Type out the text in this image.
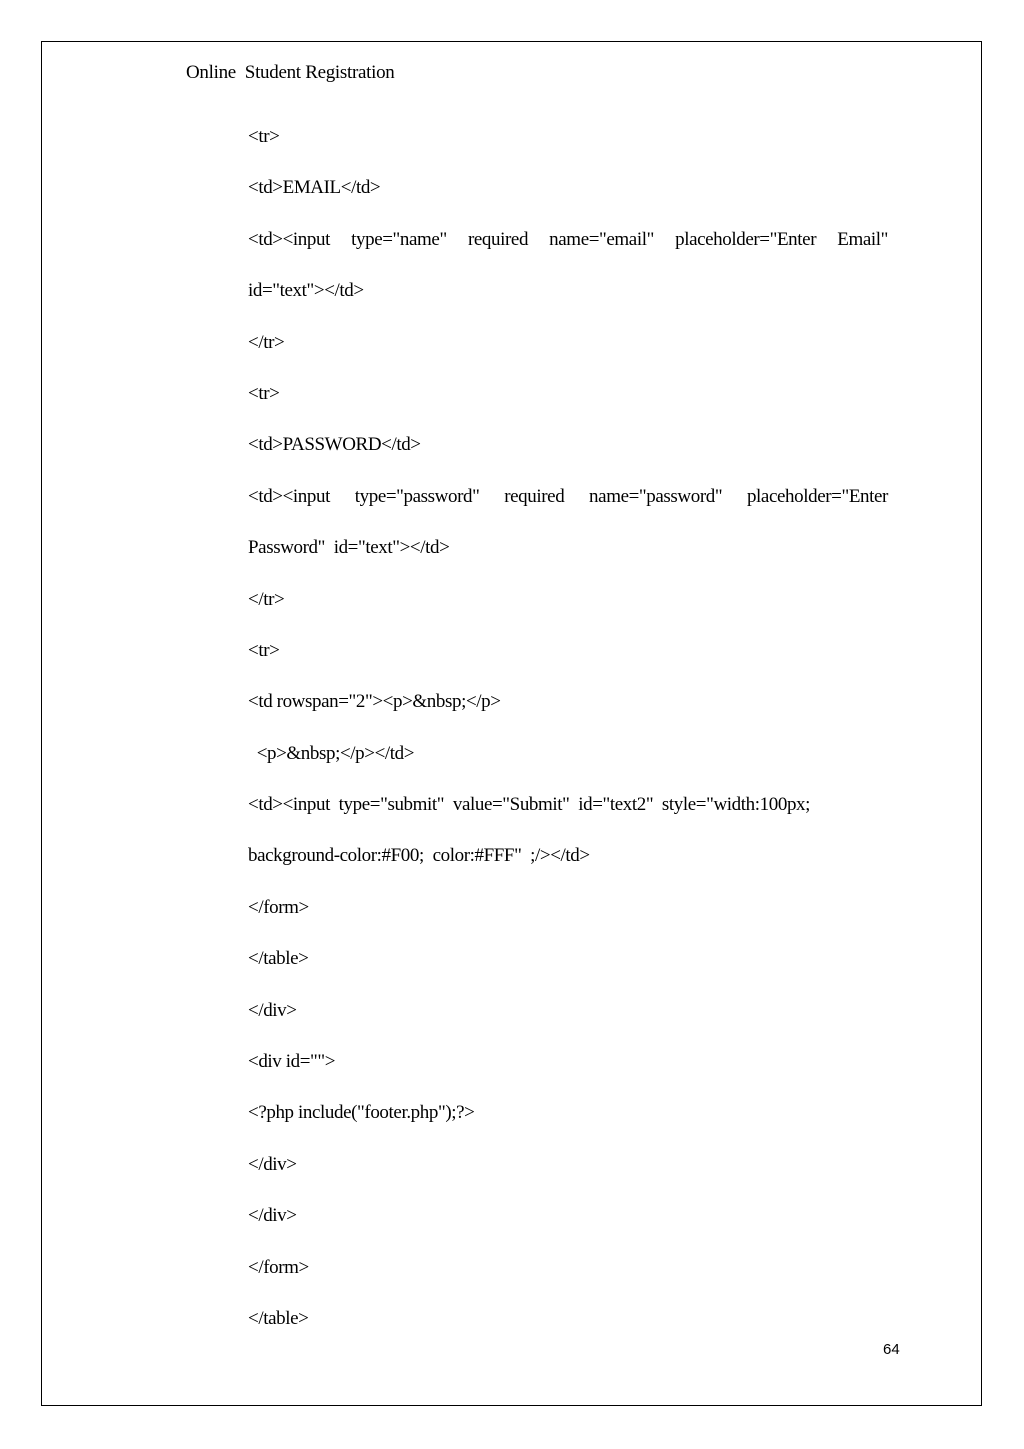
Online  Student Registration
<tr>
<td>EMAIL</td>
<td><input  type="name"  required  name="email"  placeholder="Enter  Email"
id="text"></td>
</tr>
<tr>
<td>PASSWORD</td>
<td><input  type="password"  required  name="password"  placeholder="Enter
Password"  id="text"></td>
</tr>
<tr>
<td rowspan="2"><p>&nbsp;</p>
<p>&nbsp;</p></td>
<td><input  type="submit"  value="Submit"  id="text2"  style="width:100px;
background-color:#F00;  color:#FFF"  ;/></td>
</form>
</table>
</div>
<div id="">
<?php include("footer.php");?>
</div>
</div>
</form>
</table>
64
